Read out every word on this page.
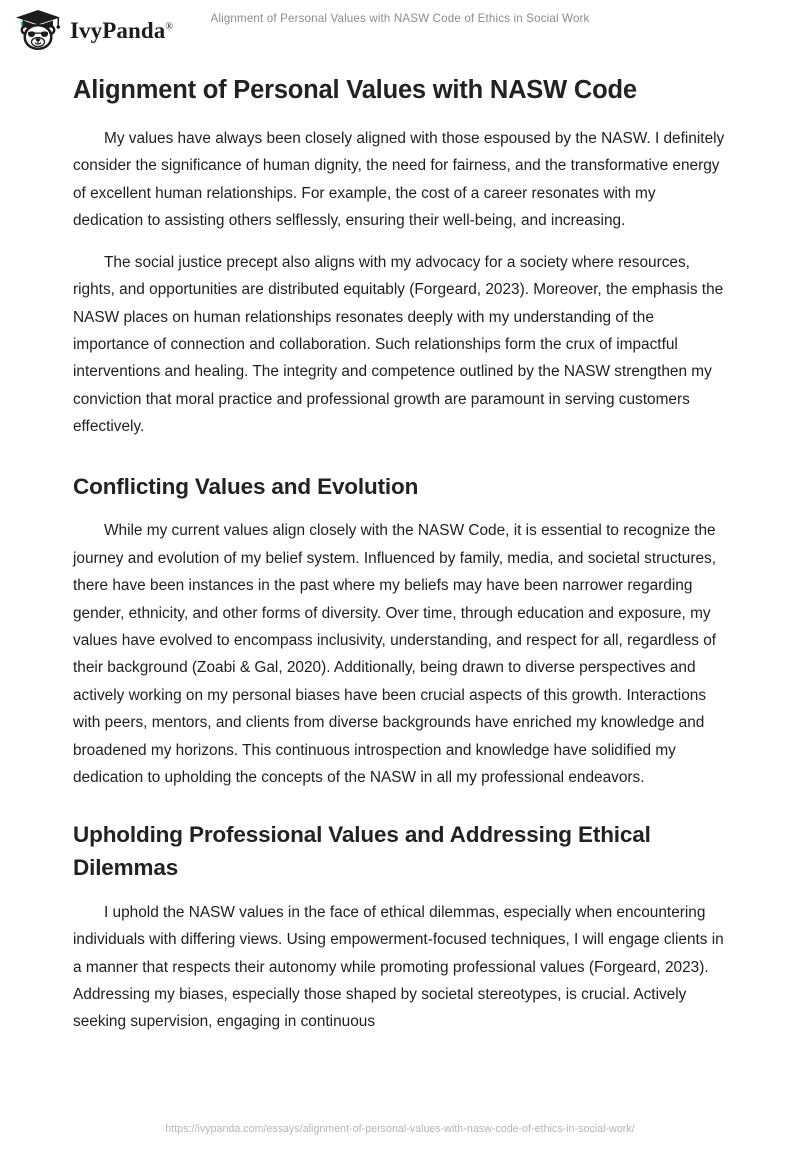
IvyPanda®
Alignment of Personal Values with NASW Code of Ethics in Social Work
Alignment of Personal Values with NASW Code

My values have always been closely aligned with those espoused by the NASW. I definitely consider the significance of human dignity, the need for fairness, and the transformative energy of excellent human relationships. For example, the cost of a career resonates with my dedication to assisting others selflessly, ensuring their well-being, and increasing.

The social justice precept also aligns with my advocacy for a society where resources, rights, and opportunities are distributed equitably (Forgeard, 2023). Moreover, the emphasis the NASW places on human relationships resonates deeply with my understanding of the importance of connection and collaboration. Such relationships form the crux of impactful interventions and healing. The integrity and competence outlined by the NASW strengthen my conviction that moral practice and professional growth are paramount in serving customers effectively.

Conflicting Values and Evolution

While my current values align closely with the NASW Code, it is essential to recognize the journey and evolution of my belief system. Influenced by family, media, and societal structures, there have been instances in the past where my beliefs may have been narrower regarding gender, ethnicity, and other forms of diversity. Over time, through education and exposure, my values have evolved to encompass inclusivity, understanding, and respect for all, regardless of their background (Zoabi & Gal, 2020). Additionally, being drawn to diverse perspectives and actively working on my personal biases have been crucial aspects of this growth. Interactions with peers, mentors, and clients from diverse backgrounds have enriched my knowledge and broadened my horizons. This continuous introspection and knowledge have solidified my dedication to upholding the concepts of the NASW in all my professional endeavors.

Upholding Professional Values and Addressing Ethical Dilemmas

I uphold the NASW values in the face of ethical dilemmas, especially when encountering individuals with differing views. Using empowerment-focused techniques, I will engage clients in a manner that respects their autonomy while promoting professional values (Forgeard, 2023). Addressing my biases, especially those shaped by societal stereotypes, is crucial. Actively seeking supervision, engaging in continuous

https://ivypanda.com/essays/alignment-of-personal-values-with-nasw-code-of-ethics-in-social-work/
